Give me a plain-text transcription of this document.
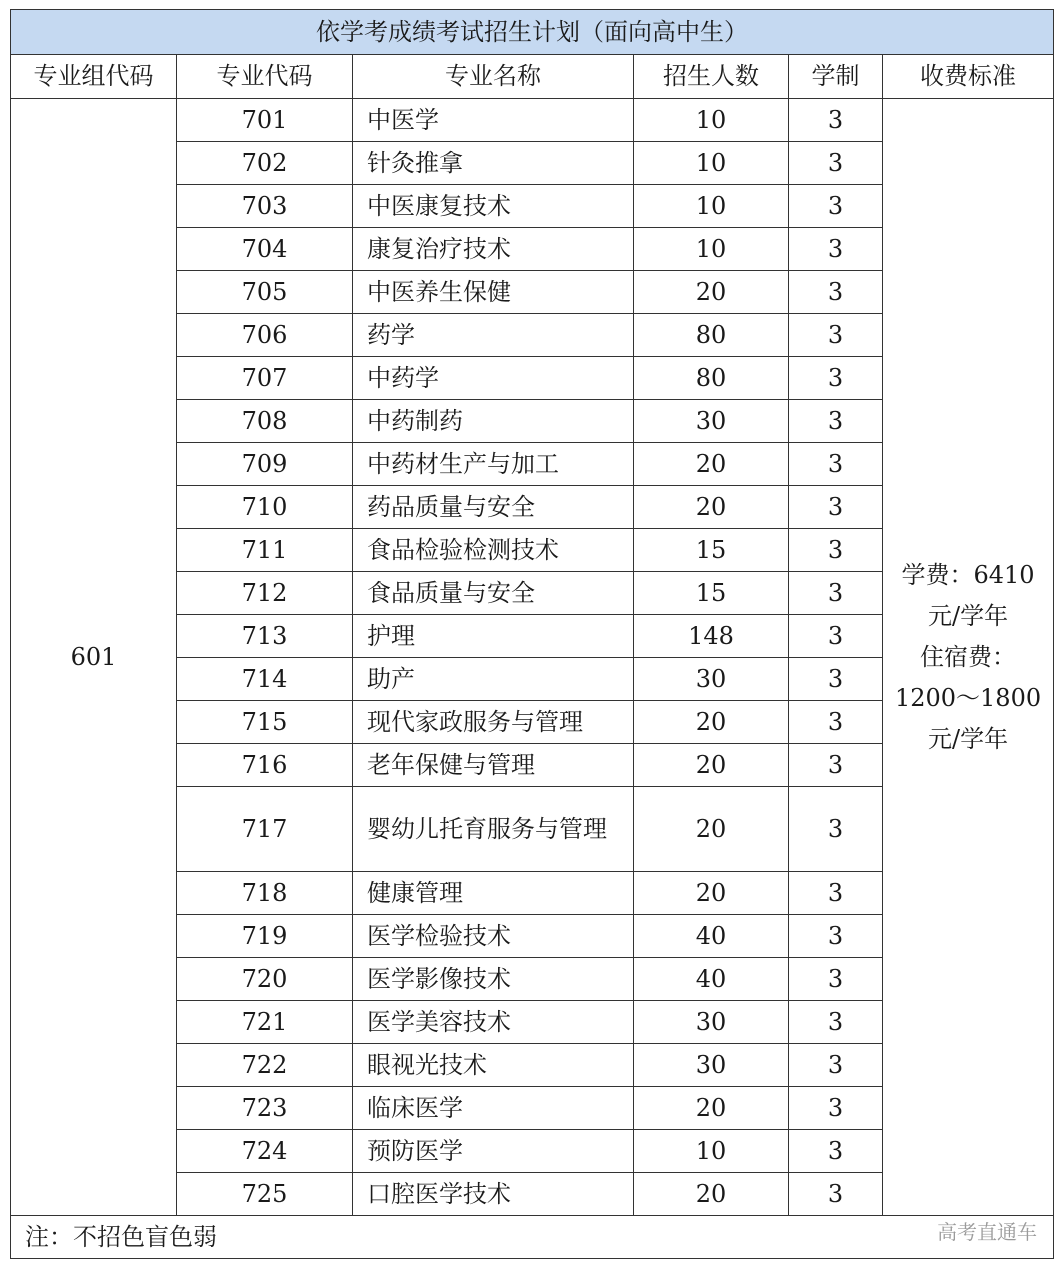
依学考成绩考试招生计划（面向高中生）					
专业组代码	专业代码	专业名称	招生人数	学制	收费标准
601	701	中医学	10	3	学费：6410
元/学年
住宿费：
1200～1800
元/学年

	702	针灸推拿	10	3	
	703	中医康复技术	10	3	
	704	康复治疗技术	10	3	
	705	中医养生保健	20	3	
	706	药学	80	3	
	707	中药学	80	3	
	708	中药制药	30	3	
	709	中药材生产与加工	20	3	
	710	药品质量与安全	20	3	
	711	食品检验检测技术	15	3	
	712	食品质量与安全	15	3	
	713	护理	148	3	
	714	助产	30	3	
	715	现代家政服务与管理	20	3	
	716	老年保健与管理	20	3	
	717	婴幼儿托育服务与管理	20	3	
	718	健康管理	20	3	
	719	医学检验技术	40	3	
	720	医学影像技术	40	3	
	721	医学美容技术	30	3	
	722	眼视光技术	30	3	
	723	临床医学	20	3	
	724	预防医学	10	3	
	725	口腔医学技术	20	3	
注：不招色盲色弱 高考直通车					
